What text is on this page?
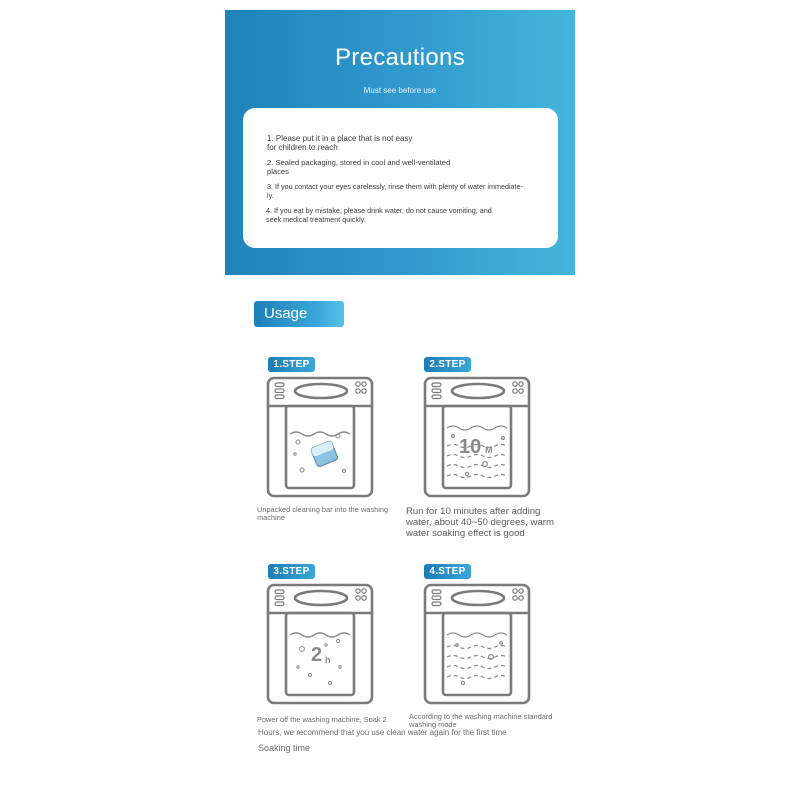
Precautions
Must see before use
1. Please put it in a place that is not easy
for children to reach
2. Sealed packaging, stored in cool and well-ventilated
places
3. If you contact your eyes carelessly, rinse them with plenty of water immediate-
ly.
4. If you eat by mistake, please drink water, do not cause vomiting, and
seek medical treatment quickly.
Usage
1.STEP
Unpacked cleaning bar into the washing
machine
2.STEP
10 M
Run for 10 minutes after adding
water, about 40~50 degrees, warm
water soaking effect is good
3.STEP
2 h
Power off the washing machine, Soak 2
4.STEP
According to the washing machine standard
washing mode
Hours, we recommend that you use clean water again for the first time
Soaking time
